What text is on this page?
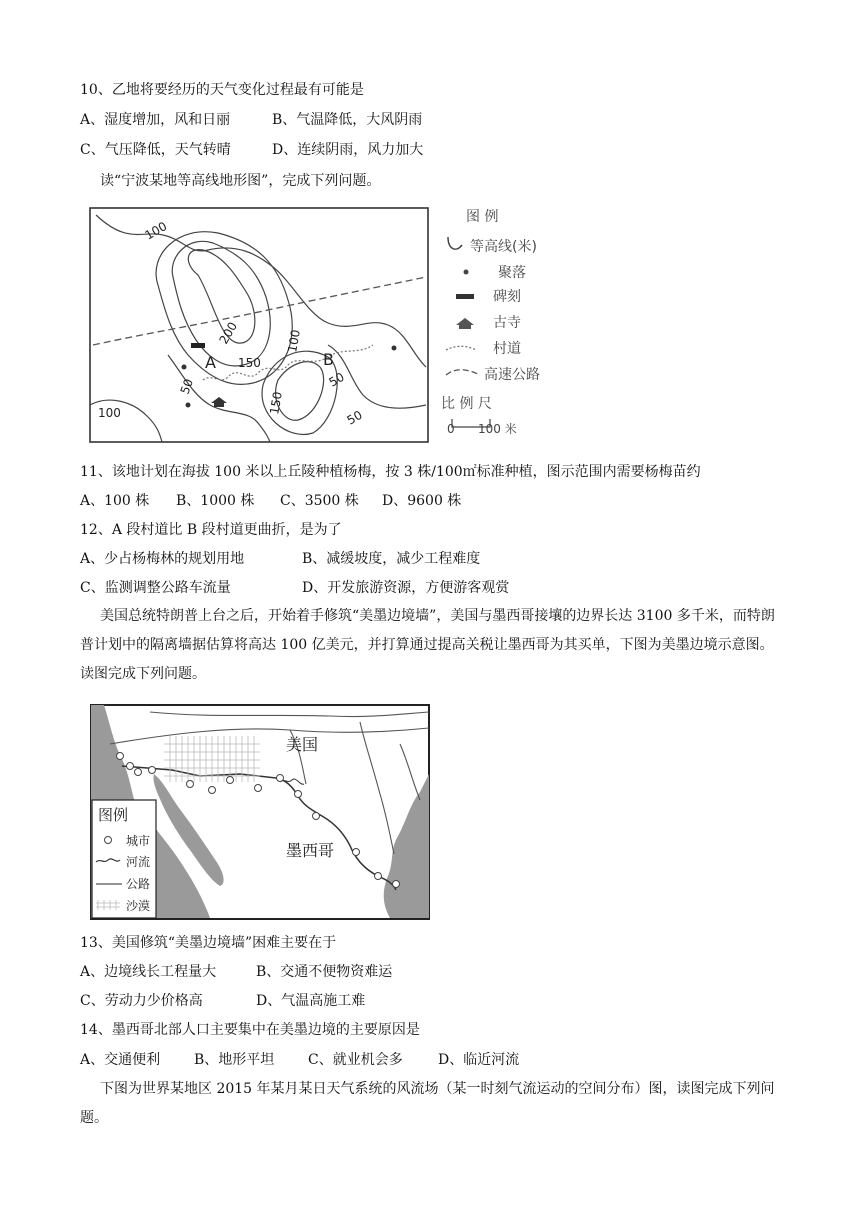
10、乙地将要经历的天气变化过程最有可能是
A、湿度增加，风和日丽	B、气温降低，大风阴雨
C、气压降低，天气转晴	D、连续阴雨，风力加大
读“宁波某地等高线地形图”，完成下列问题。
100
200
150
100
150
50
50
50
100
A	B
图 例
等高线(米)
聚落
碑刻
古寺
村道
高速公路
比 例 尺
0 100 米
11、该地计划在海拔 100 米以上丘陵种植杨梅，按 3 株/100㎡标准种植，图示范围内需要杨梅苗约
A、100 株 B、1000 株 C、3500 株 D、9600 株
12、A 段村道比 B 段村道更曲折，是为了
A、少占杨梅林的规划用地	B、减缓坡度，减少工程难度
C、监测调整公路车流量	D、开发旅游资源，方便游客观赏
美国总统特朗普上台之后，开始着手修筑“美墨边境墙”，美国与墨西哥接壤的边界长达 3100 多千米，而特朗普计划中的隔离墙据估算将高达 100 亿美元，并打算通过提高关税让墨西哥为其买单，下图为美墨边境示意图。读图完成下列问题。
美国
墨西哥
图例
城市
河流
公路
沙漠
13、美国修筑“美墨边境墙”困难主要在于
A、边境线长工程量大	B、交通不便物资难运
C、劳动力少价格高	D、气温高施工难
14、墨西哥北部人口主要集中在美墨边境的主要原因是
A、交通便利 B、地形平坦 C、就业机会多	D、临近河流
下图为世界某地区 2015 年某月某日天气系统的风流场（某一时刻气流运动的空间分布）图，读图完成下列问题。
